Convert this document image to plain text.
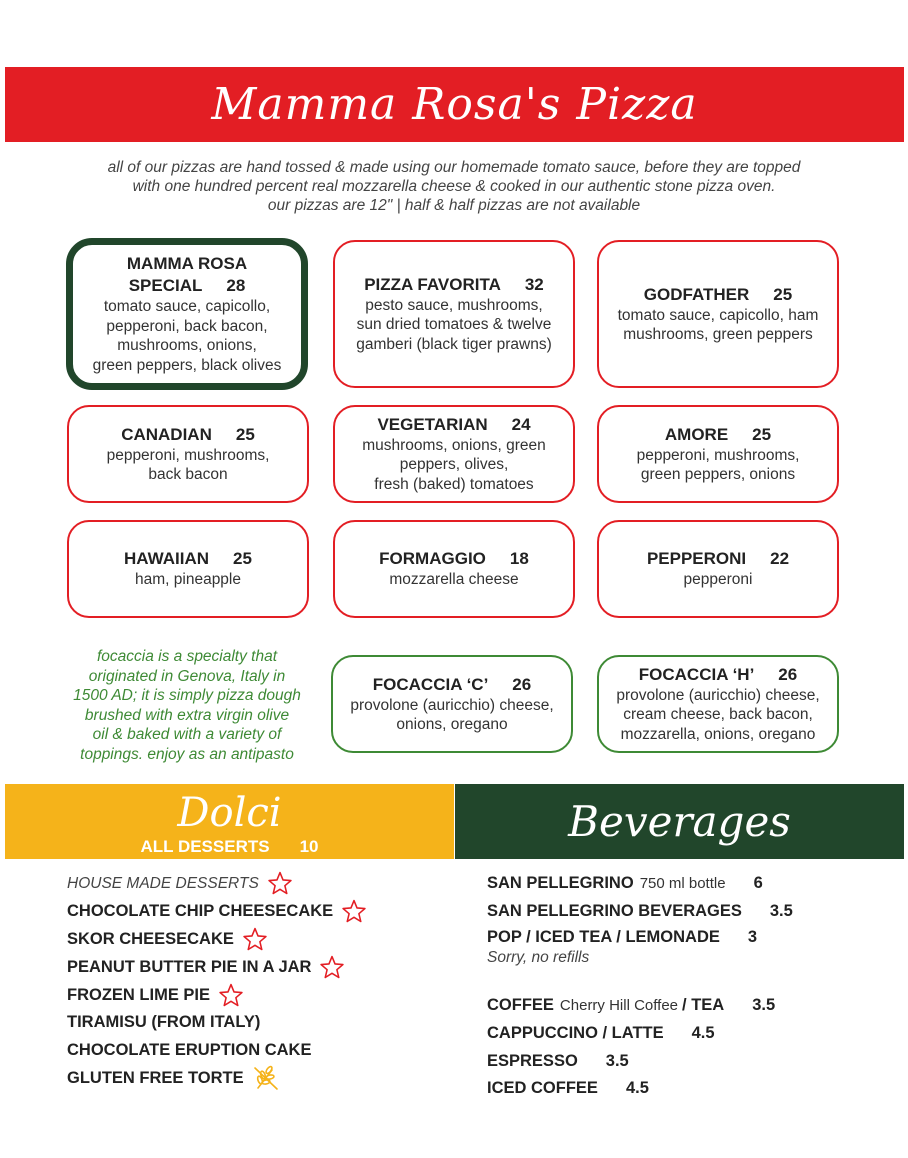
Mamma Rosa's Pizza
all of our pizzas are hand tossed & made using our homemade tomato sauce, before they are topped
with one hundred percent real mozzarella cheese & cooked in our authentic stone pizza oven.
our pizzas are 12" | half & half pizzas are not available
MAMMA ROSA
SPECIAL 28
tomato sauce, capicollo,
pepperoni, back bacon,
mushrooms, onions,
green peppers, black olives
PIZZA FAVORITA 32
pesto sauce, mushrooms,
sun dried tomatoes & twelve
gamberi (black tiger prawns)
GODFATHER 25
tomato sauce, capicollo, ham
mushrooms, green peppers
CANADIAN 25
pepperoni, mushrooms,
back bacon
VEGETARIAN 24
mushrooms, onions, green
peppers, olives,
fresh (baked) tomatoes
AMORE 25
pepperoni, mushrooms,
green peppers, onions
HAWAIIAN 25
ham, pineapple
FORMAGGIO 18
mozzarella cheese
PEPPERONI 22
pepperoni
focaccia is a specialty that
originated in Genova, Italy in
1500 AD; it is simply pizza dough
brushed with extra virgin olive
oil & baked with a variety of
toppings. enjoy as an antipasto
FOCACCIA ‘C’ 26
provolone (auricchio) cheese,
onions, oregano
FOCACCIA ‘H’ 26
provolone (auricchio) cheese,
cream cheese, back bacon,
mozzarella, onions, oregano
Dolci
ALL DESSERTS 10
Beverages
HOUSE MADE DESSERTS
CHOCOLATE CHIP CHEESECAKE
SKOR CHEESECAKE
PEANUT BUTTER PIE IN A JAR
FROZEN LIME PIE
TIRAMISU (FROM ITALY)
CHOCOLATE ERUPTION CAKE
GLUTEN FREE TORTE
SAN PELLEGRINO 750 ml bottle 6
SAN PELLEGRINO BEVERAGES 3.5
POP / ICED TEA / LEMONADE 3
Sorry, no refills
COFFEE Cherry Hill Coffee / TEA 3.5
CAPPUCCINO / LATTE 4.5
ESPRESSO 3.5
ICED COFFEE 4.5
